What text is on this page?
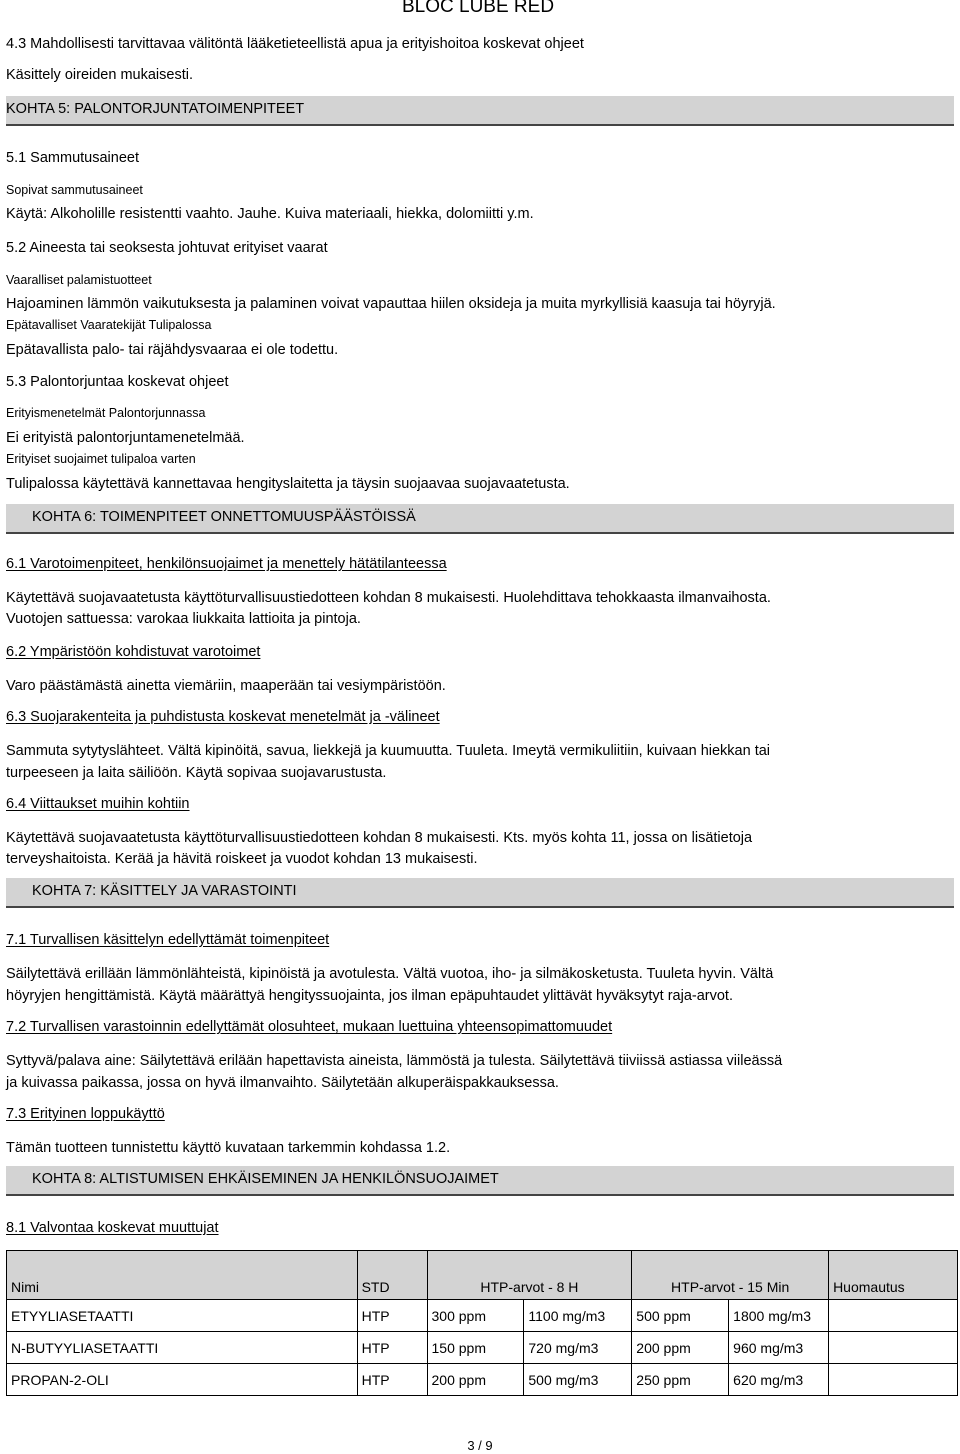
BLOC LUBE RED
4.3 Mahdollisesti tarvittavaa välitöntä lääketieteellistä apua ja erityishoitoa koskevat ohjeet
Käsittely oireiden mukaisesti.
KOHTA 5: PALONTORJUNTATOIMENPITEET
5.1 Sammutusaineet
Sopivat sammutusaineet
Käytä: Alkoholille resistentti vaahto. Jauhe. Kuiva materiaali, hiekka, dolomiitti y.m.
5.2 Aineesta tai seoksesta johtuvat erityiset vaarat
Vaaralliset palamistuotteet
Hajoaminen lämmön vaikutuksesta ja palaminen voivat vapauttaa hiilen oksideja ja muita myrkyllisiä kaasuja tai höyryjä.
Epätavalliset Vaaratekijät Tulipalossa
Epätavallista palo- tai räjähdysvaaraa ei ole todettu.
5.3 Palontorjuntaa koskevat ohjeet
Erityismenetelmät Palontorjunnassa
Ei erityistä palontorjuntamenetelmää.
Erityiset suojaimet tulipaloa varten
Tulipalossa käytettävä kannettavaa hengityslaitetta ja täysin suojaavaa suojavaatetusta.
KOHTA 6: TOIMENPITEET ONNETTOMUUSPÄÄSTÖISSÄ
6.1 Varotoimenpiteet, henkilönsuojaimet ja menettely hätätilanteessa
Käytettävä suojavaatetusta käyttöturvallisuustiedotteen kohdan 8 mukaisesti. Huolehdittava tehokkaasta ilmanvaihosta.
Vuotojen sattuessa: varokaa liukkaita lattioita ja pintoja.
6.2 Ympäristöön kohdistuvat varotoimet
Varo päästämästä ainetta viemäriin, maaperään tai vesiympäristöön.
6.3 Suojarakenteita ja puhdistusta koskevat menetelmät ja -välineet
Sammuta sytytyslähteet. Vältä kipinöitä, savua, liekkejä ja kuumuutta. Tuuleta. Imeytä vermikuliitiin, kuivaan hiekkan tai
turpeeseen ja laita säiliöön. Käytä sopivaa suojavarustusta.
6.4 Viittaukset muihin kohtiin
Käytettävä suojavaatetusta käyttöturvallisuustiedotteen kohdan 8 mukaisesti. Kts. myös kohta 11, jossa on lisätietoja
terveyshaitoista. Kerää ja hävitä roiskeet ja vuodot kohdan 13 mukaisesti.
KOHTA 7: KÄSITTELY JA VARASTOINTI
7.1 Turvallisen käsittelyn edellyttämät toimenpiteet
Säilytettävä erillään lämmönlähteistä, kipinöistä ja avotulesta. Vältä vuotoa, iho- ja silmäkosketusta. Tuuleta hyvin. Vältä
höyryjen hengittämistä. Käytä määrättyä hengityssuojainta, jos ilman epäpuhtaudet ylittävät hyväksytyt raja-arvot.
7.2 Turvallisen varastoinnin edellyttämät olosuhteet, mukaan luettuina yhteensopimattomuudet
Syttyvä/palava aine: Säilytettävä erilään hapettavista aineista, lämmöstä ja tulesta. Säilytettävä tiiviissä astiassa viileässä
ja kuivassa paikassa, jossa on hyvä ilmanvaihto. Säilytetään alkuperäispakkauksessa.
7.3 Erityinen loppukäyttö
Tämän tuotteen tunnistettu käyttö kuvataan tarkemmin kohdassa 1.2.
KOHTA 8: ALTISTUMISEN EHKÄISEMINEN JA HENKILÖNSUOJAIMET
8.1 Valvontaa koskevat muuttujat
Nimi	STD	HTP-arvot - 8 H		HTP-arvot - 15 Min		Huomautus
ETYYLIASETAATTI	HTP	300 ppm	1100 mg/m3	500 ppm	1800 mg/m3	
N-BUTYYLIASETAATTI	HTP	150 ppm	720 mg/m3	200 ppm	960 mg/m3	
PROPAN-2-OLI	HTP	200 ppm	500 mg/m3	250 ppm	620 mg/m3	
3 / 9
